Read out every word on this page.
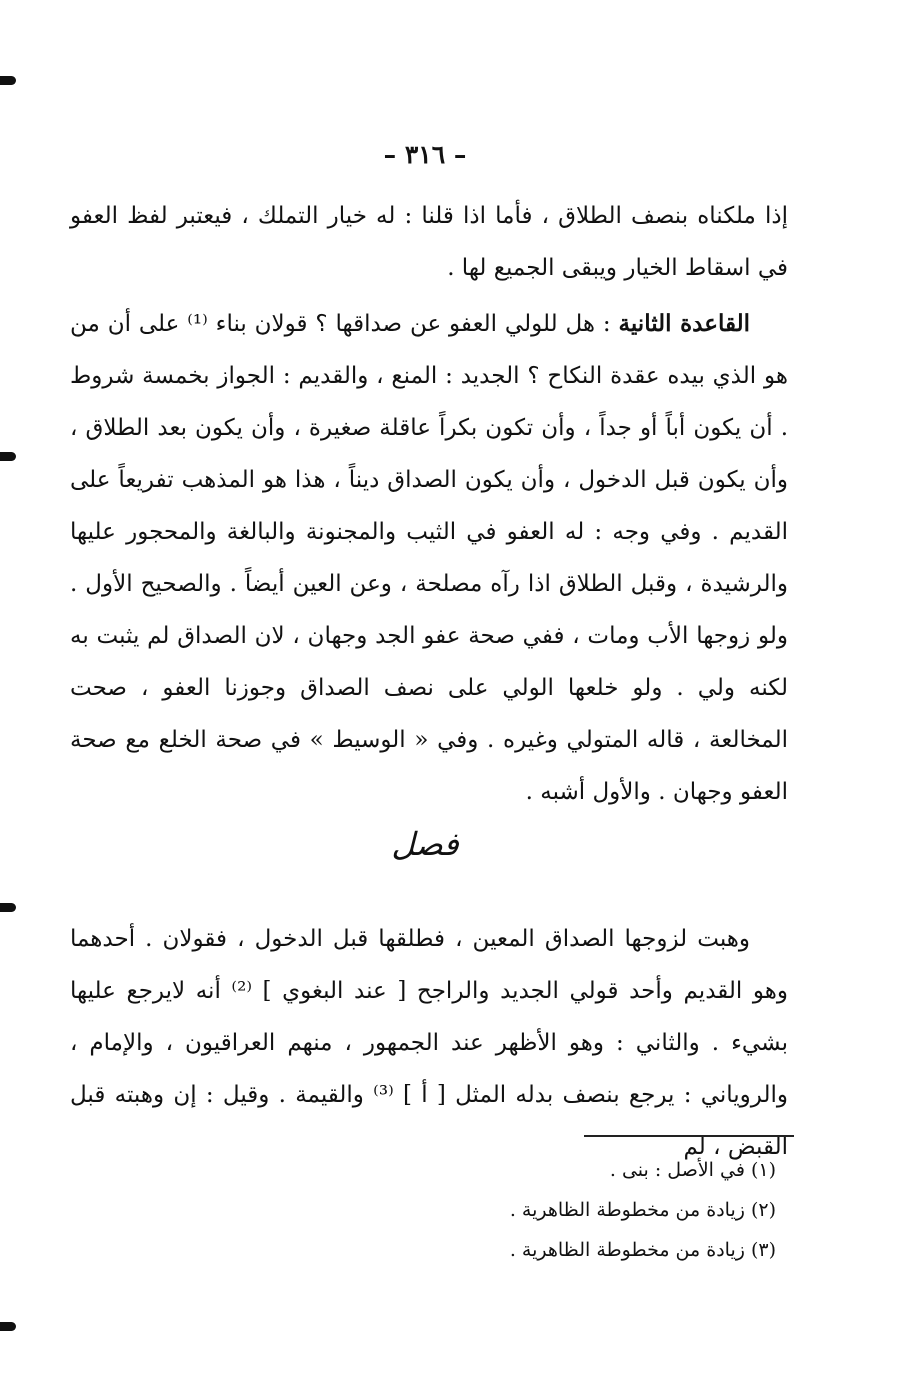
– ٣١٦ –

إذا ملكناه بنصف الطلاق ، فأما اذا قلنا : له خيار التملك ، فيعتبر لفظ العفو في اسقاط الخيار ويبقى الجميع لها .

القاعدة الثانية : هل للولي العفو عن صداقها ؟ قولان بناء ⁽¹⁾ على أن من هو الذي بيده عقدة النكاح ؟ الجديد : المنع ، والقديم : الجواز بخمسة شروط . أن يكون أباً أو جداً ، وأن تكون بكراً عاقلة صغيرة ، وأن يكون بعد الطلاق ، وأن يكون قبل الدخول ، وأن يكون الصداق ديناً ، هذا هو المذهب تفريعاً على القديم . وفي وجه : له العفو في الثيب والمجنونة والبالغة والمحجور عليها والرشيدة ، وقبل الطلاق اذا رآه مصلحة ، وعن العين أيضاً . والصحيح الأول . ولو زوجها الأب ومات ، ففي صحة عفو الجد وجهان ، لان الصداق لم يثبت به لكنه ولي . ولو خلعها الولي على نصف الصداق وجوزنا العفو ، صحت المخالعة ، قاله المتولي وغيره . وفي « الوسيط » في صحة الخلع مع صحة العفو وجهان . والأول أشبه .

فصل

وهبت لزوجها الصداق المعين ، فطلقها قبل الدخول ، فقولان . أحدهما وهو القديم وأحد قولي الجديد والراجح [ عند البغوي ] ⁽²⁾ أنه لايرجع عليها بشيء . والثاني : وهو الأظهر عند الجمهور ، منهم العراقيون ، والإمام ، والروياني : يرجع بنصف بدله المثل [ أ ] ⁽³⁾ والقيمة . وقيل : إن وهبته قبل القبض ، لم

(١) في الأصل : بنى .
(٢) زيادة من مخطوطة الظاهرية .
(٣) زيادة من مخطوطة الظاهرية .
